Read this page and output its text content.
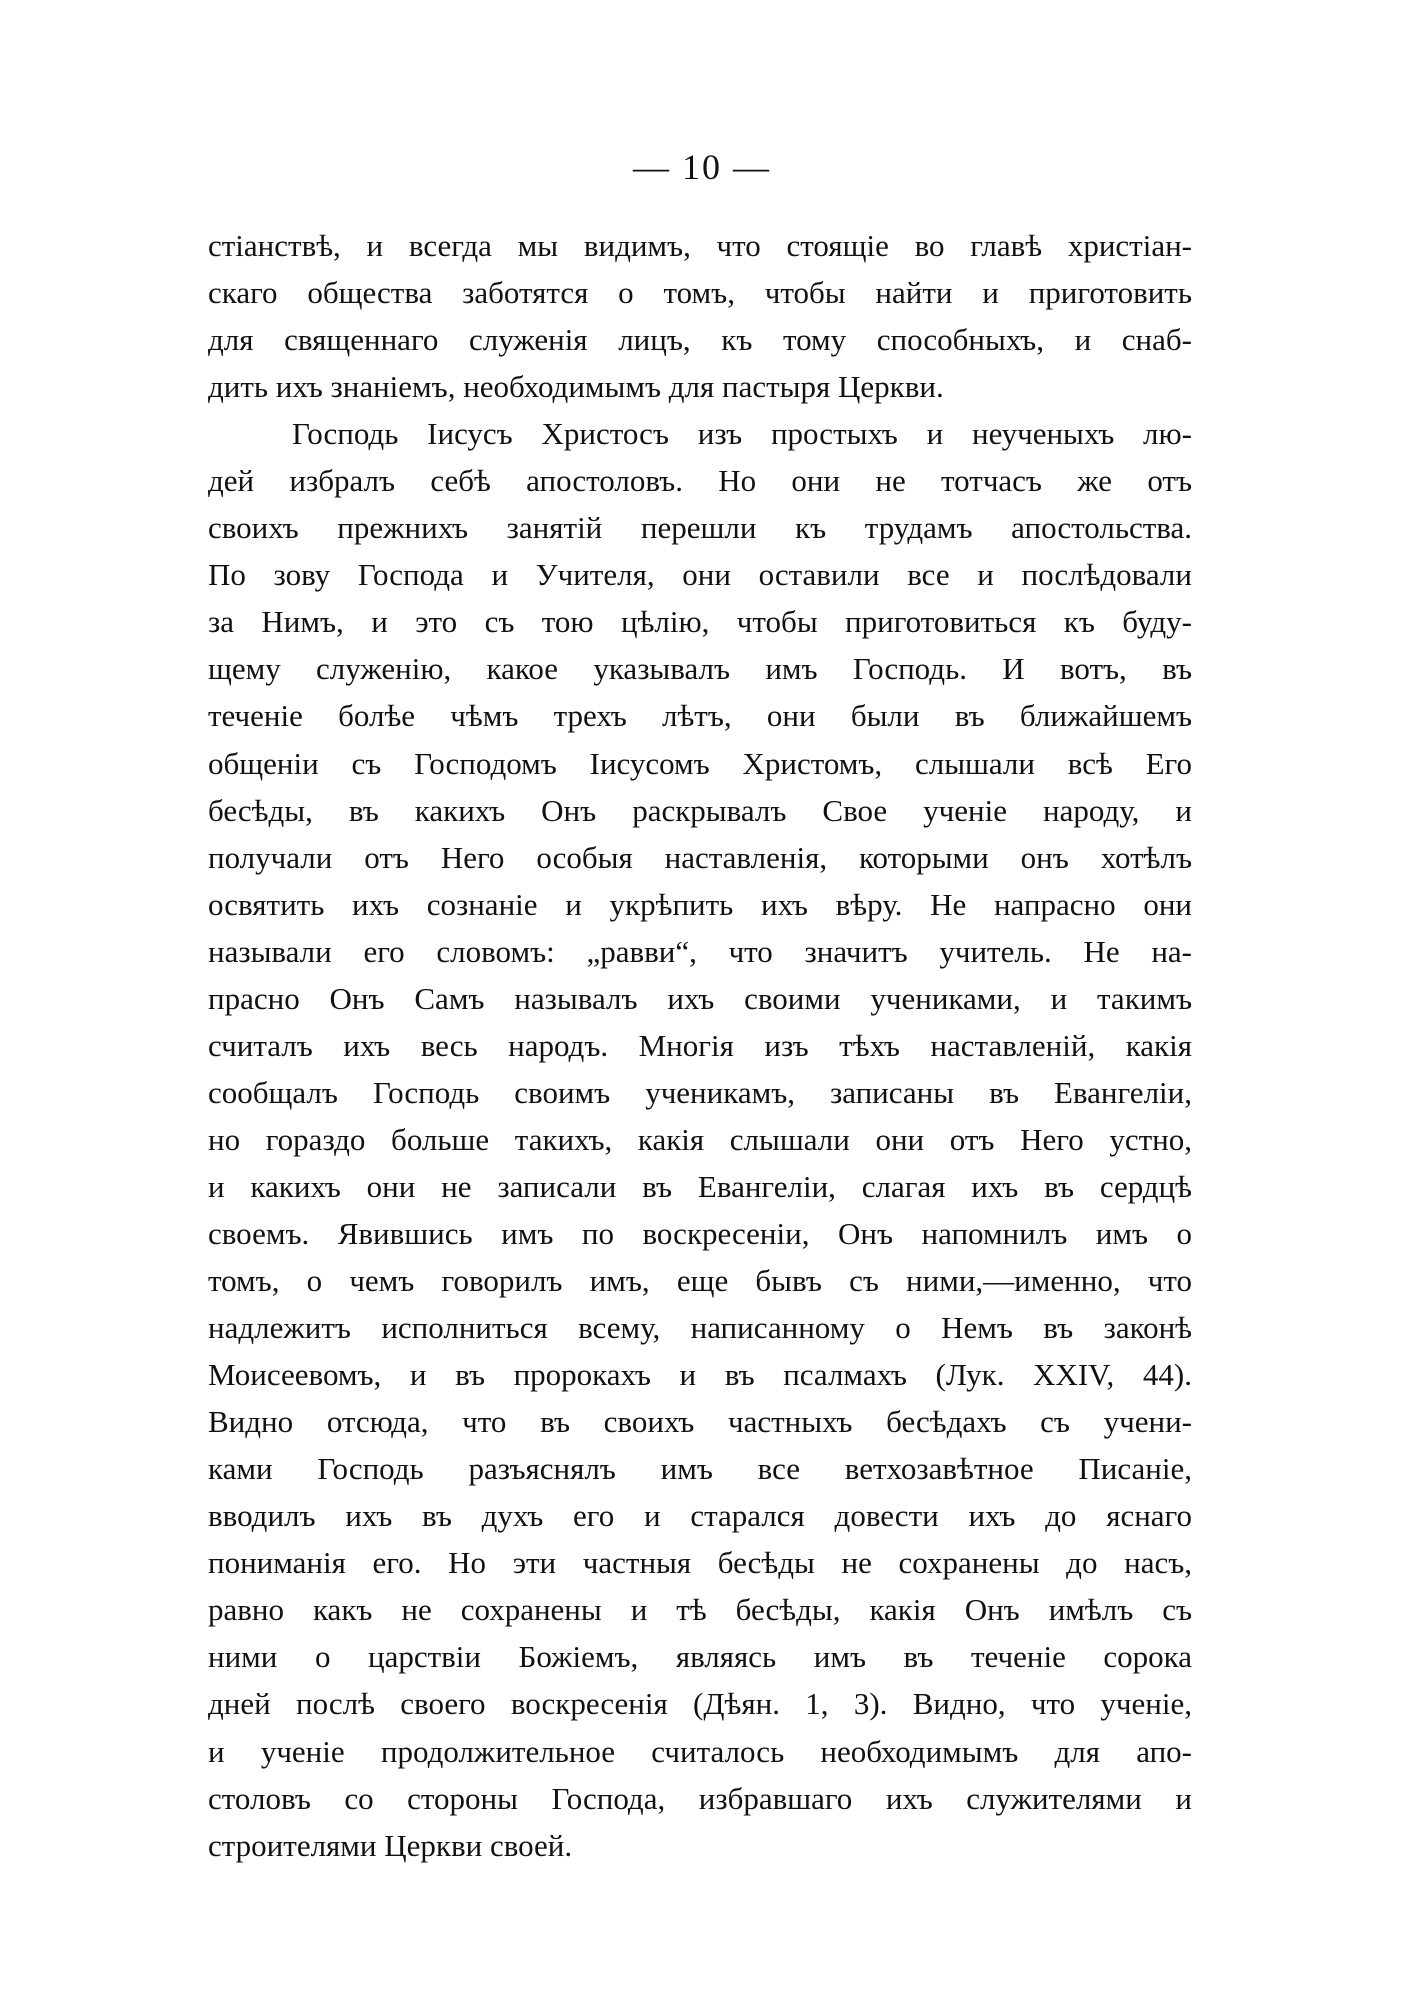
— 10 —
стіанствѣ, и всегда мы видимъ, что стоящіе во главѣ христіан-
скаго общества заботятся о томъ, чтобы найти и приготовить
для священнаго служенія лицъ, къ тому способныхъ, и снаб-
дить ихъ знаніемъ, необходимымъ для пастыря Церкви.
Господь Іисусъ Христосъ изъ простыхъ и неученыхъ лю-
дей избралъ себѣ апостоловъ. Но они не тотчасъ же отъ
своихъ прежнихъ занятій перешли къ трудамъ апостольства.
По зову Господа и Учителя, они оставили все и послѣдовали
за Нимъ, и это съ тою цѣлію, чтобы приготовиться къ буду-
щему служенію, какое указывалъ имъ Господь. И вотъ, въ
теченіе болѣе чѣмъ трехъ лѣтъ, они были въ ближайшемъ
общеніи съ Господомъ Іисусомъ Христомъ, слышали всѣ Его
бесѣды, въ какихъ Онъ раскрывалъ Свое ученіе народу, и
получали отъ Него особыя наставленія, которыми онъ хотѣлъ
освятить ихъ сознаніе и укрѣпить ихъ вѣру. Не напрасно они
называли его словомъ: „равви“, что значитъ учитель. Не на-
прасно Онъ Самъ называлъ ихъ своими учениками, и такимъ
считалъ ихъ весь народъ. Многія изъ тѣхъ наставленій, какія
сообщалъ Господь своимъ ученикамъ, записаны въ Евангеліи,
но гораздо больше такихъ, какія слышали они отъ Него устно,
и какихъ они не записали въ Евангеліи, слагая ихъ въ сердцѣ
своемъ. Явившись имъ по воскресеніи, Онъ напомнилъ имъ о
томъ, о чемъ говорилъ имъ, еще бывъ съ ними,—именно, что
надлежитъ исполниться всему, написанному о Немъ въ законѣ
Моисеевомъ, и въ пророкахъ и въ псалмахъ (Лук. XXIV, 44).
Видно отсюда, что въ своихъ частныхъ бесѣдахъ съ учени-
ками Господь разъяснялъ имъ все ветхозавѣтное Писаніе,
вводилъ ихъ въ духъ его и старался довести ихъ до яснаго
пониманія его. Но эти частныя бесѣды не сохранены до насъ,
равно какъ не сохранены и тѣ бесѣды, какія Онъ имѣлъ съ
ними о царствіи Божіемъ, являясь имъ въ теченіе сорока
дней послѣ своего воскресенія (Дѣян. 1, 3). Видно, что ученіе,
и ученіе продолжительное считалось необходимымъ для апо-
столовъ со стороны Господа, избравшаго ихъ служителями и
строителями Церкви своей.
